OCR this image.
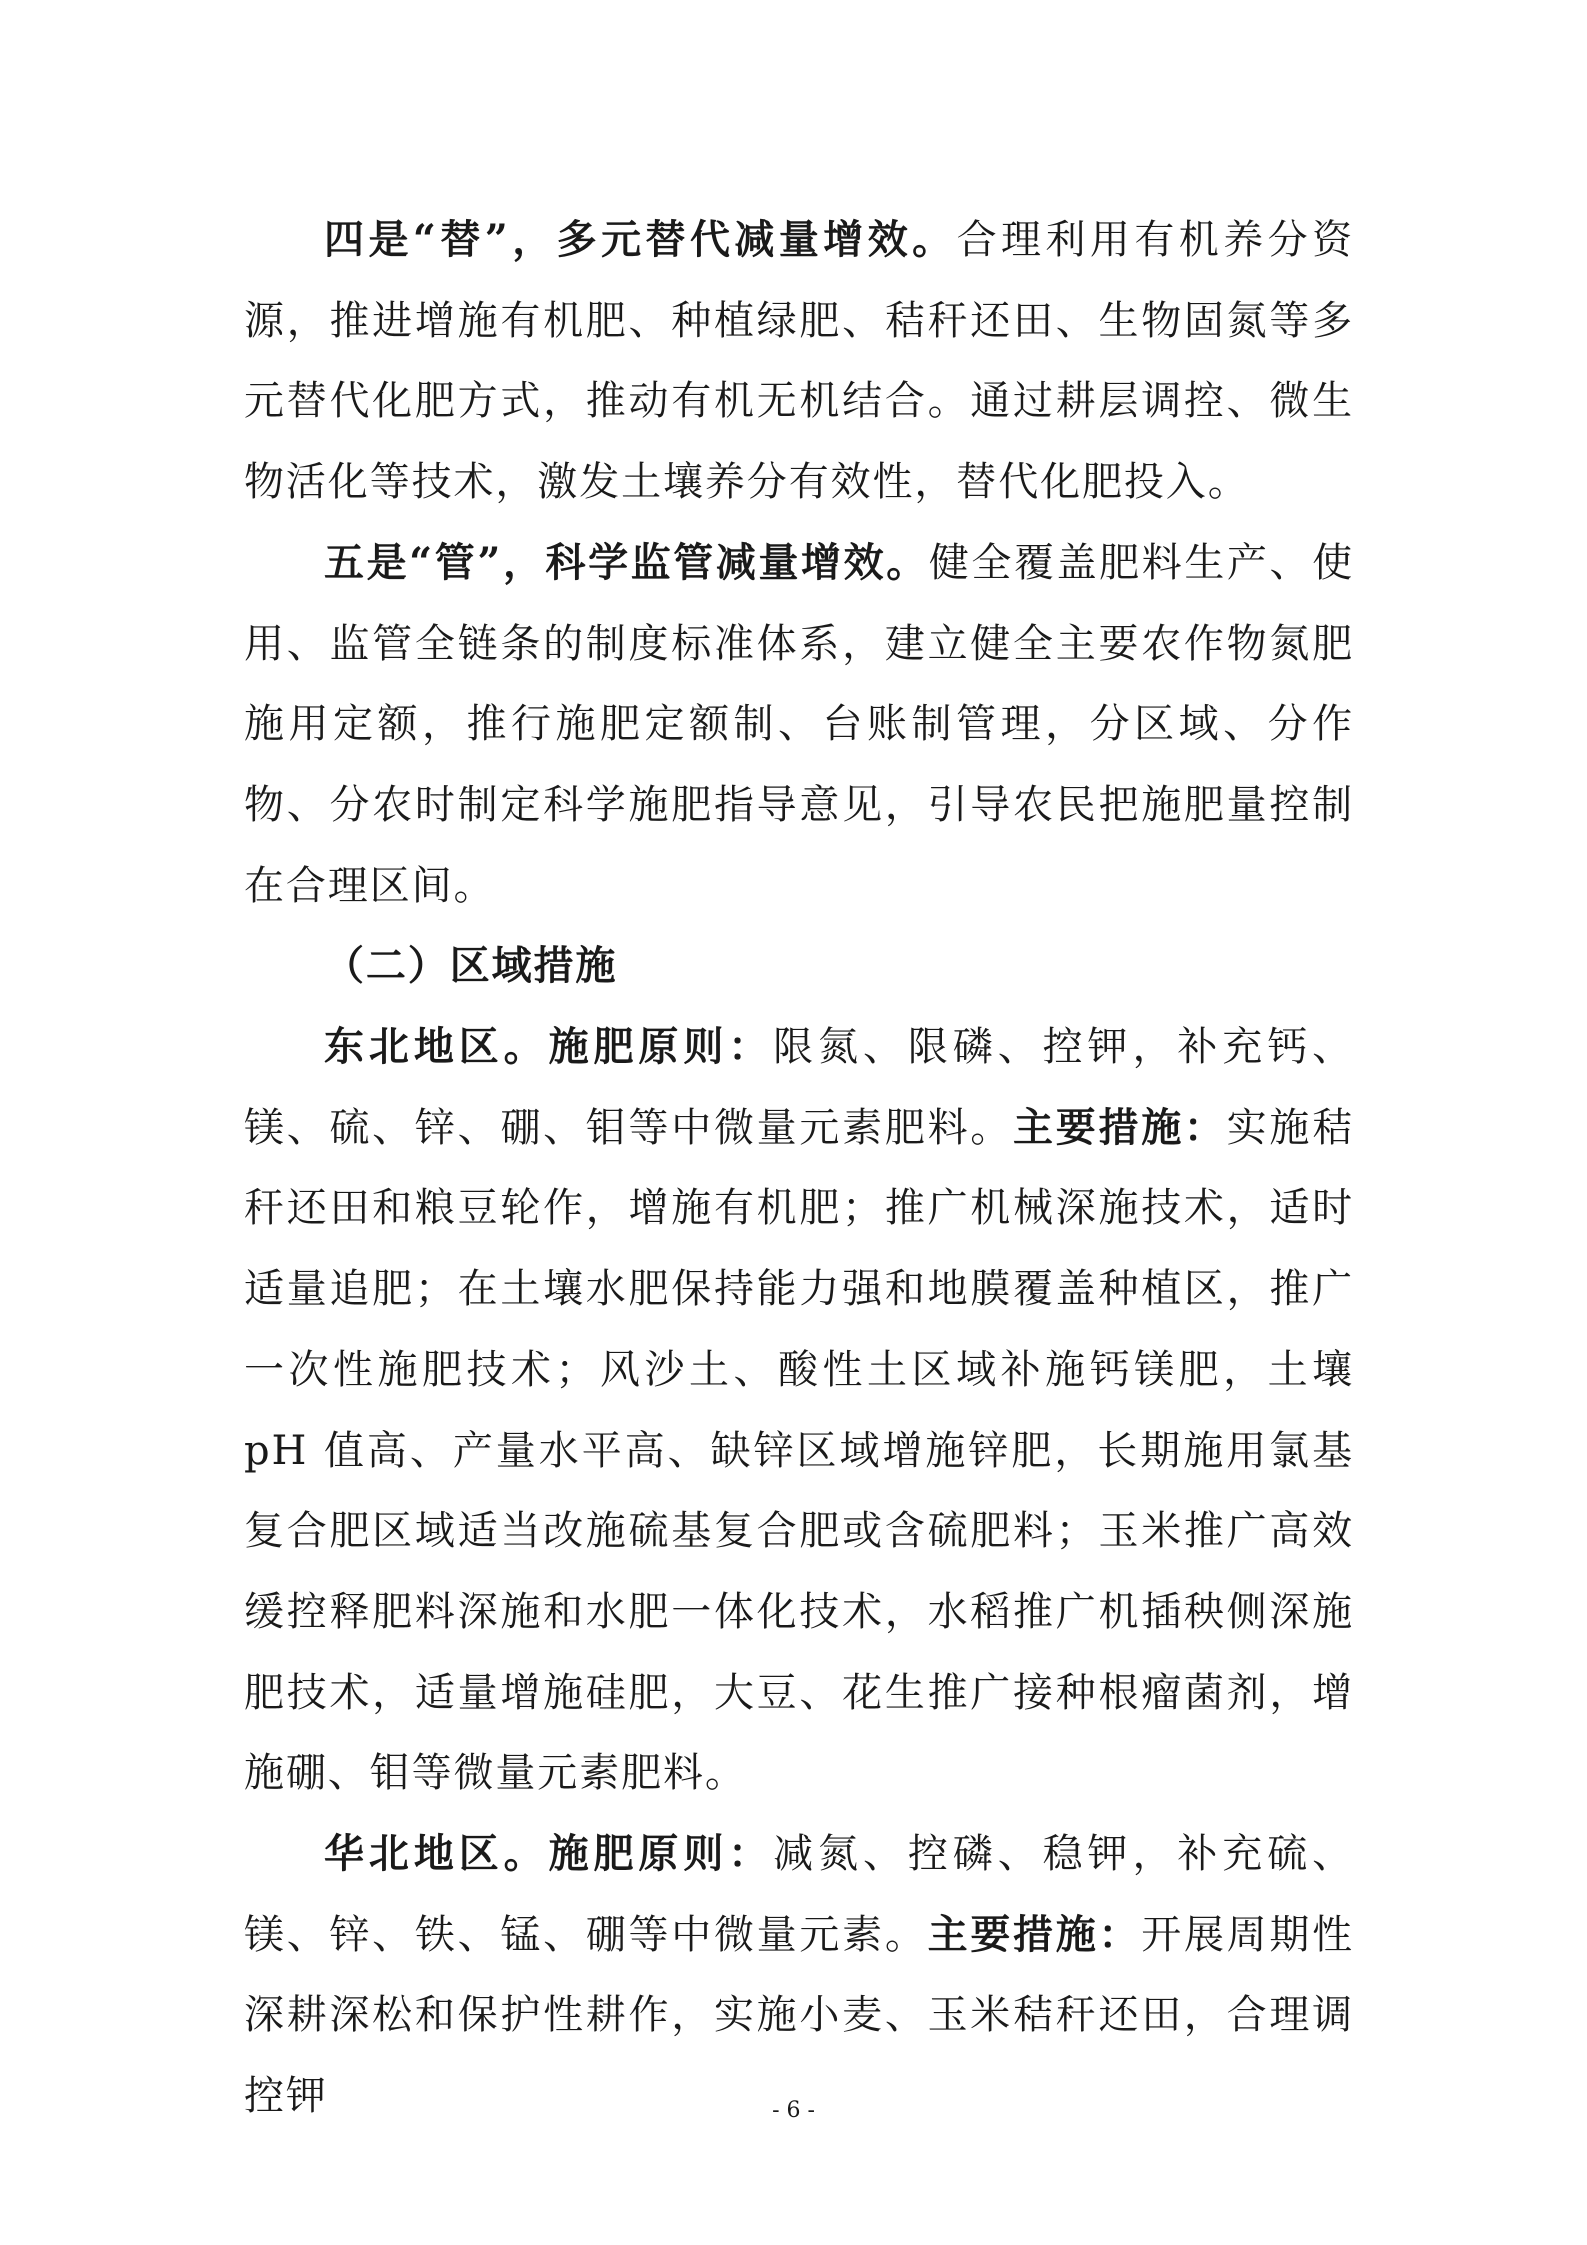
四是“替”，多元替代减量增效。合理利用有机养分资源，推进增施有机肥、种植绿肥、秸秆还田、生物固氮等多元替代化肥方式，推动有机无机结合。通过耕层调控、微生物活化等技术，激发土壤养分有效性，替代化肥投入。

五是“管”，科学监管减量增效。健全覆盖肥料生产、使用、监管全链条的制度标准体系，建立健全主要农作物氮肥施用定额，推行施肥定额制、台账制管理，分区域、分作物、分农时制定科学施肥指导意见，引导农民把施肥量控制在合理区间。

（二）区域措施

东北地区。施肥原则：限氮、限磷、控钾，补充钙、镁、硫、锌、硼、钼等中微量元素肥料。主要措施：实施秸秆还田和粮豆轮作，增施有机肥；推广机械深施技术，适时适量追肥；在土壤水肥保持能力强和地膜覆盖种植区，推广一次性施肥技术；风沙土、酸性土区域补施钙镁肥，土壤 pH 值高、产量水平高、缺锌区域增施锌肥，长期施用氯基复合肥区域适当改施硫基复合肥或含硫肥料；玉米推广高效缓控释肥料深施和水肥一体化技术，水稻推广机插秧侧深施肥技术，适量增施硅肥，大豆、花生推广接种根瘤菌剂，增施硼、钼等微量元素肥料。

华北地区。施肥原则：减氮、控磷、稳钾，补充硫、镁、锌、铁、锰、硼等中微量元素。主要措施：开展周期性深耕深松和保护性耕作，实施小麦、玉米秸秆还田，合理调控钾	- 6 -
